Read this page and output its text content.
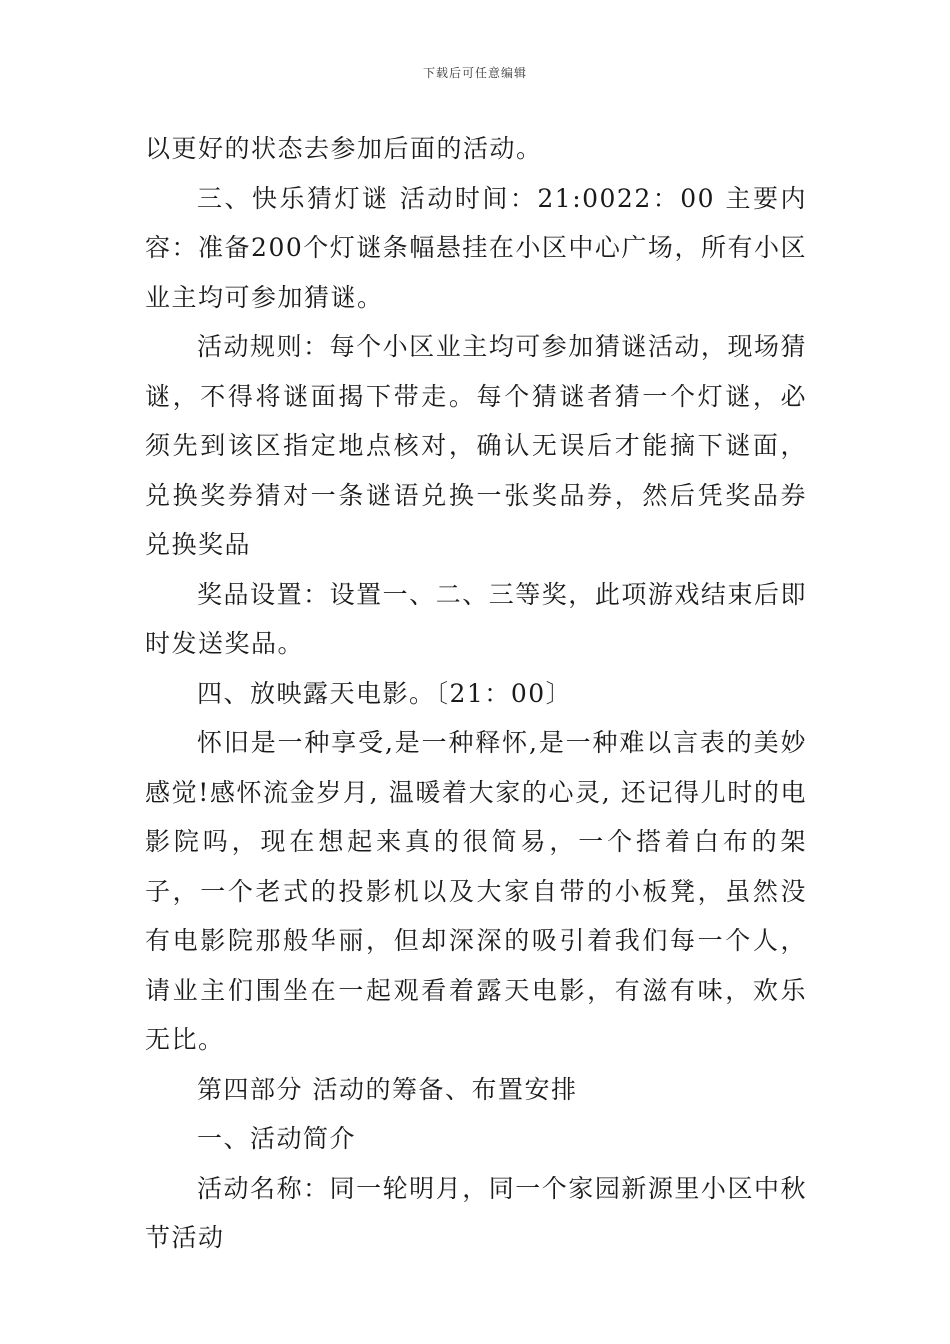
下载后可任意编辑

以更好的状态去参加后面的活动。

三、快乐猜灯谜 活动时间：21:0022：00 主要内容：准备200个灯谜条幅悬挂在小区中心广场，所有小区业主均可参加猜谜。

活动规则：每个小区业主均可参加猜谜活动，现场猜谜，不得将谜面揭下带走。每个猜谜者猜一个灯谜，必须先到该区指定地点核对，确认无误后才能摘下谜面，兑换奖券猜对一条谜语兑换一张奖品券，然后凭奖品券兑换奖品

奖品设置：设置一、二、三等奖，此项游戏结束后即时发送奖品。

四、放映露天电影。〔21：00〕

怀旧是一种享受,是一种释怀,是一种难以言表的美妙感觉!感怀流金岁月, 温暖着大家的心灵, 还记得儿时的电影院吗，现在想起来真的很简易，一个搭着白布的架子，一个老式的投影机以及大家自带的小板凳，虽然没有电影院那般华丽，但却深深的吸引着我们每一个人，请业主们围坐在一起观看着露天电影，有滋有味，欢乐无比。

第四部分 活动的筹备、布置安排

一、活动简介

活动名称：同一轮明月，同一个家园新源里小区中秋节活动
